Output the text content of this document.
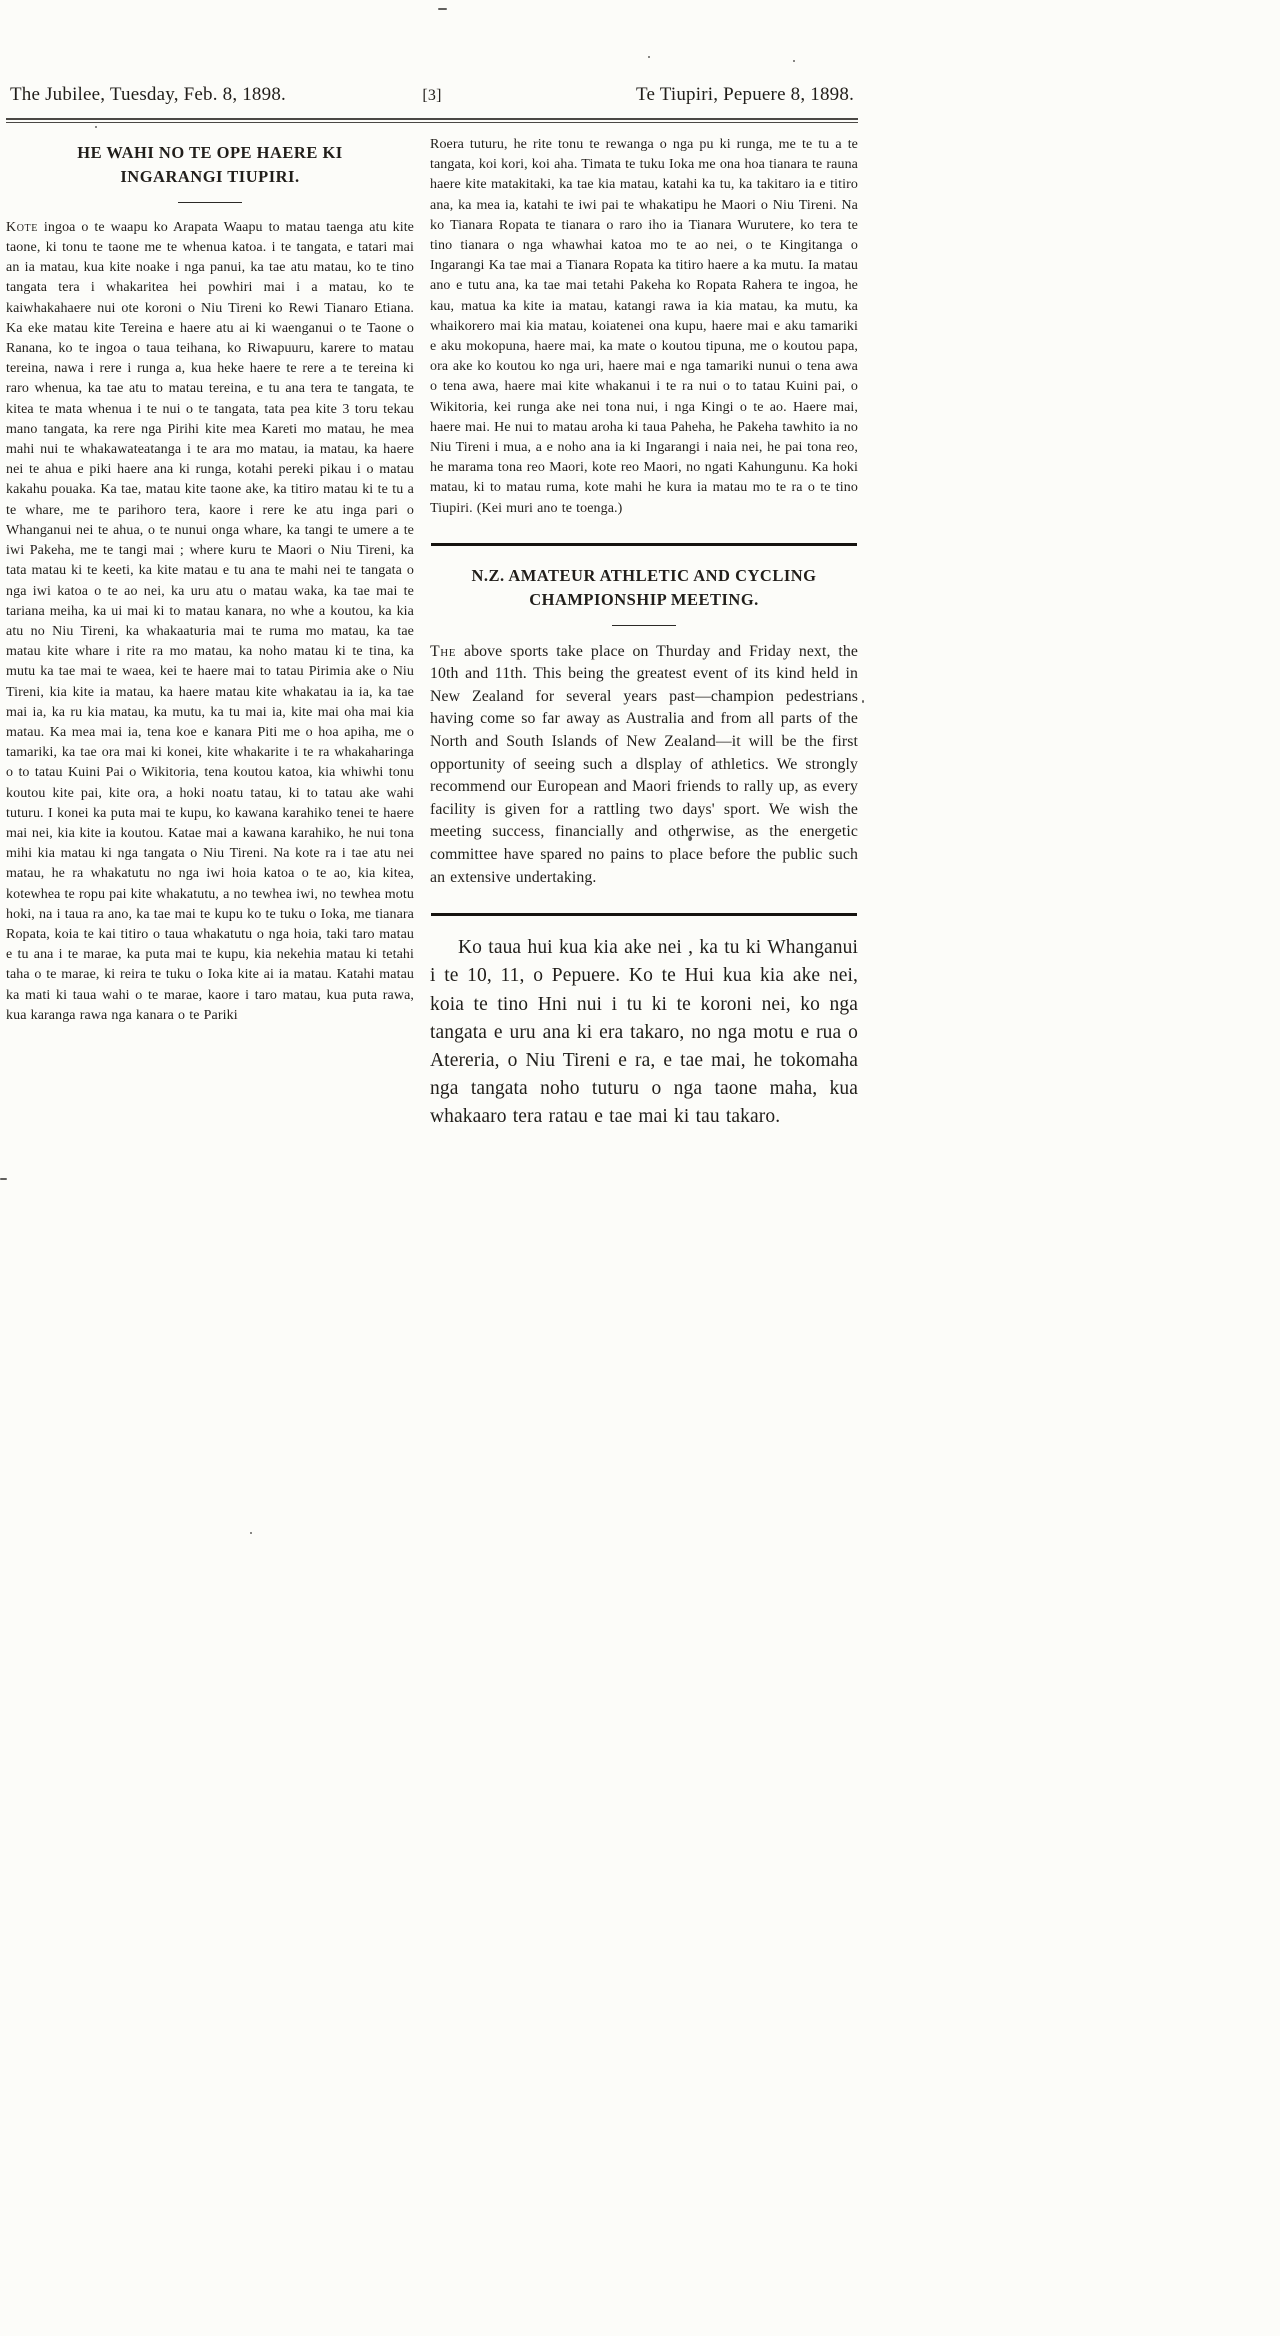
The Jubilee, Tuesday, Feb. 8, 1898.	[3]	Te Tiupiri, Pepuere 8, 1898.
HE WAHI NO TE OPE HAERE KI
INGARANGI TIUPIRI.

Kote ingoa o te waapu ko Arapata Waapu to matau taenga atu kite taone, ki tonu te taone me te whenua katoa. i te tangata, e tatari mai an ia matau, kua kite noake i nga panui, ka tae atu matau, ko te tino tangata tera i whakaritea hei powhiri mai i a matau, ko te kaiwhakahaere nui ote koroni o Niu Tireni ko Rewi Tianaro Etiana. Ka eke matau kite Tereina e haere atu ai ki waenganui o te Taone o Ranana, ko te ingoa o taua teihana, ko Riwapuuru, karere to matau tereina, nawa i rere i runga a, kua heke haere te rere a te tereina ki raro whenua, ka tae atu to matau tereina, e tu ana tera te tangata, te kitea te mata whenua i te nui o te tangata, tata pea kite 3 toru tekau mano tangata, ka rere nga Pirihi kite mea Kareti mo matau, he mea mahi nui te whakawateatanga i te ara mo matau, ia matau, ka haere nei te ahua e piki haere ana ki runga, kotahi pereki pikau i o matau kakahu pouaka. Ka tae, matau kite taone ake, ka titiro matau ki te tu a te whare, me te parihoro tera, kaore i rere ke atu inga pari o Whanganui nei te ahua, o te nunui onga whare, ka tangi te umere a te iwi Pakeha, me te tangi mai ; where kuru te Maori o Niu Tireni, ka tata matau ki te keeti, ka kite matau e tu ana te mahi nei te tangata o nga iwi katoa o te ao nei, ka uru atu o matau waka, ka tae mai te tariana meiha, ka ui mai ki to matau kanara, no whe a koutou, ka kia atu no Niu Tireni, ka whakaaturia mai te ruma mo matau, ka tae matau kite whare i rite ra mo matau, ka noho matau ki te tina, ka mutu ka tae mai te waea, kei te haere mai to tatau Pirimia ake o Niu Tireni, kia kite ia matau, ka haere matau kite whakatau ia ia, ka tae mai ia, ka ru kia matau, ka mutu, ka tu mai ia, kite mai oha mai kia matau. Ka mea mai ia, tena koe e kanara Piti me o hoa apiha, me o tamariki, ka tae ora mai ki konei, kite whakarite i te ra whakaharinga o to tatau Kuini Pai o Wikitoria, tena koutou katoa, kia whiwhi tonu koutou kite pai, kite ora, a hoki noatu tatau, ki to tatau ake wahi tuturu. I konei ka puta mai te kupu, ko kawana karahiko tenei te haere mai nei, kia kite ia koutou. Katae mai a kawana karahiko, he nui tona mihi kia matau ki nga tangata o Niu Tireni. Na kote ra i tae atu nei matau, he ra whakatutu no nga iwi hoia katoa o te ao, kia kitea, kotewhea te ropu pai kite whakatutu, a no tewhea iwi, no tewhea motu hoki, na i taua ra ano, ka tae mai te kupu ko te tuku o Ioka, me tianara Ropata, koia te kai titiro o taua whakatutu o nga hoia, taki taro matau e tu ana i te marae, ka puta mai te kupu, kia nekehia matau ki tetahi taha o te marae, ki reira te tuku o Ioka kite ai ia matau. Katahi matau ka mati ki taua wahi o te marae, kaore i taro matau, kua puta rawa, kua karanga rawa nga kanara o te Pariki

Roera tuturu, he rite tonu te rewanga o nga pu ki runga, me te tu a te tangata, koi kori, koi aha. Timata te tuku Ioka me ona hoa tianara te rauna haere kite matakitaki, ka tae kia matau, katahi ka tu, ka takitaro ia e titiro ana, ka mea ia, katahi te iwi pai te whakatipu he Maori o Niu Tireni. Na ko Tianara Ropata te tianara o raro iho ia Tianara Wurutere, ko tera te tino tianara o nga whawhai katoa mo te ao nei, o te Kingitanga o Ingarangi Ka tae mai a Tianara Ropata ka titiro haere a ka mutu. Ia matau ano e tutu ana, ka tae mai tetahi Pakeha ko Ropata Rahera te ingoa, he kau, matua ka kite ia matau, katangi rawa ia kia matau, ka mutu, ka whaikorero mai kia matau, koiatenei ona kupu, haere mai e aku tamariki e aku mokopuna, haere mai, ka mate o koutou tipuna, me o koutou papa, ora ake ko koutou ko nga uri, haere mai e nga tamariki nunui o tena awa o tena awa, haere mai kite whakanui i te ra nui o to tatau Kuini pai, o Wikitoria, kei runga ake nei tona nui, i nga Kingi o te ao. Haere mai, haere mai. He nui to matau aroha ki taua Paheha, he Pakeha tawhito ia no Niu Tireni i mua, a e noho ana ia ki Ingarangi i naia nei, he pai tona reo, he marama tona reo Maori, kote reo Maori, no ngati Kahungunu. Ka hoki matau, ki to matau ruma, kote mahi he kura ia matau mo te ra o te tino Tiupiri. (Kei muri ano te toenga.)

N.Z. AMATEUR ATHLETIC AND CYCLING
CHAMPIONSHIP MEETING.

The above sports take place on Thurday and Friday next, the 10th and 11th. This being the greatest event of its kind held in New Zealand for several years past—champion pedestrians having come so far away as Australia and from all parts of the North and South Islands of New Zealand—it will be the first opportunity of seeing such a dlsplay of athletics. We strongly recommend our European and Maori friends to rally up, as every facility is given for a rattling two days' sport. We wish the meeting success, financially and otherwise, as the energetic committee have spared no pains to place before the public such an extensive undertaking.

Ko taua hui kua kia ake nei , ka tu ki Whanganui i te 10, 11, o Pepuere. Ko te Hui kua kia ake nei, koia te tino Hni nui i tu ki te koroni nei, ko nga tangata e uru ana ki era takaro, no nga motu e rua o Atereria, o Niu Tireni e ra, e tae mai, he tokomaha nga tangata noho tuturu o nga taone maha, kua whakaaro tera ratau e tae mai ki tau takaro.
